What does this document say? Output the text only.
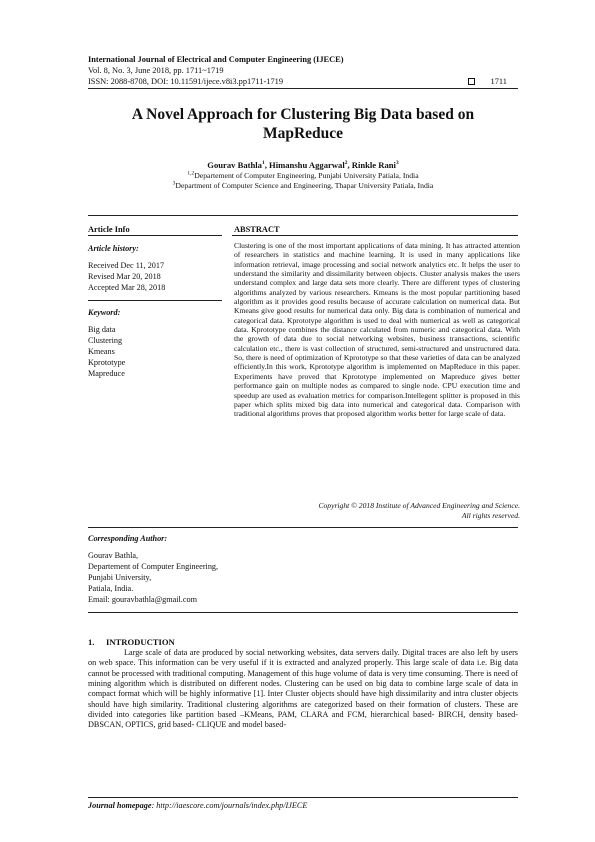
International Journal of Electrical and Computer Engineering (IJECE)
Vol. 8, No. 3, June 2018, pp. 1711~1719
ISSN: 2088-8708, DOI: 10.11591/ijece.v8i3.pp1711-1719	1711
A Novel Approach for Clustering Big Data based on
MapReduce
Gourav Bathla$^1$, Himanshu Aggarwal$^2$, Rinkle Rani$^3$
$^{1,2}$Departement of Computer Engineering, Punjabi University Patiala, India
$^3$Department of Computer Science and Engineering, Thapar University Patiala, India
Article Info
Article history:
Received Dec 11, 2017
Revised Mar 20, 2018
Accepted Mar 28, 2018
Keyword:
Big data
Clustering
Kmeans
Kprototype
Mapreduce
ABSTRACT
Clustering is one of the most important applications of data mining. It has attracted attention of researchers in statistics and machine learning. It is used in many applications like information retrieval, image processing and social network analytics etc. It helps the user to understand the similarity and dissimilarity between objects. Cluster analysis makes the users understand complex and large data sets more clearly. There are different types of clustering algorithms analyzed by various researchers. Kmeans is the most popular partitioning based algorithm as it provides good results because of accurate calculation on numerical data. But Kmeans give good results for numerical data only. Big data is combination of numerical and categorical data. Kprototype algorithm is used to deal with numerical as well as categorical data. Kprototype combines the distance calculated from numeric and categorical data. With the growth of data due to social networking websites, business transactions, scientific calculation etc., there is vast collection of structured, semi-structured and unstructured data. So, there is need of optimization of Kprototype so that these varieties of data can be analyzed efficiently.In this work, Kprototype algorithm is implemented on MapReduce in this paper. Experiments have proved that Kprototype implemented on Mapreduce gives better performance gain on multiple nodes as compared to single node. CPU execution time and speedup are used as evaluation metrics for comparison.Intellegent splitter is proposed in this paper which splits mixed big data into numerical and categorical data. Comparison with traditional algorithms proves that proposed algorithm works better for large scale of data.
Copyright © 2018 Institute of Advanced Engineering and Science.
All rights reserved.
Corresponding Author:
Gourav Bathla,
Departement of Computer Engineering,
Punjabi University,
Patiala, India.
Email: gouravbathla@gmail.com
1. INTRODUCTION
Large scale of data are produced by social networking websites, data servers daily. Digital traces are also left by users on web space. This information can be very useful if it is extracted and analyzed properly. This large scale of data i.e. Big data cannot be processed with traditional computing. Management of this huge volume of data is very time consuming. There is need of mining algorithm which is distributed on different nodes. Clustering can be used on big data to combine large scale of data in compact format which will be highly informative [1]. Inter Cluster objects should have high dissimilarity and intra cluster objects should have high similarity. Traditional clustering algorithms are categorized based on their formation of clusters. These are divided into categories like partition based –KMeans, PAM, CLARA and FCM, hierarchical based- BIRCH, density based- DBSCAN, OPTICS, grid based- CLIQUE and model based-
Journal homepage: http://iaescore.com/journals/index.php/IJECE
